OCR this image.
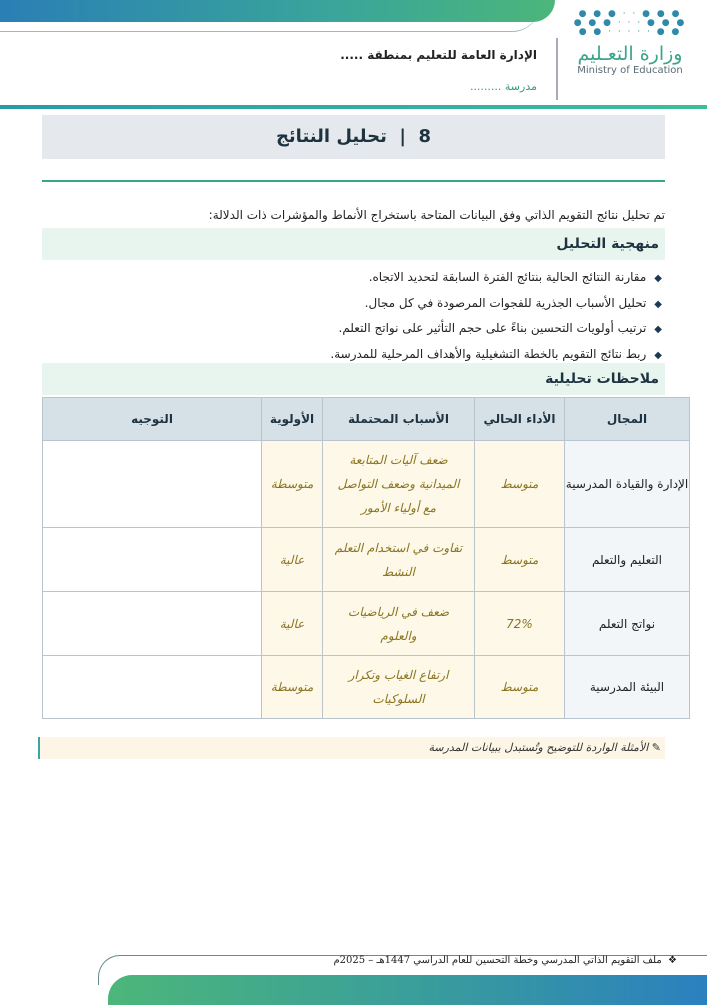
● ● ● · · ● ● ●
● ● ● · · · ● ● ●
● ● · · · · · ● ●
وزارة التعـليم
Ministry of Education
الإدارة العامة للتعليم بمنطقة .....
مدرسة .........
8  |  تحليل النتائج
تم تحليل نتائج التقويم الذاتي وفق البيانات المتاحة باستخراج الأنماط والمؤشرات ذات الدلالة:
منهجية التحليل
◆مقارنة النتائج الحالية بنتائج الفترة السابقة لتحديد الاتجاه.
◆تحليل الأسباب الجذرية للفجوات المرصودة في كل مجال.
◆ترتيب أولويات التحسين بناءً على حجم التأثير على نواتج التعلم.
◆ربط نتائج التقويم بالخطة التشغيلية والأهداف المرحلية للمدرسة.
ملاحظات تحليلية
المجال	الأداء الحالي	الأسباب المحتملة	الأولوية	التوجيه
الإدارة والقيادة المدرسية	متوسط	ضعف آليات المتابعة الميدانية وضعف التواصل مع أولياء الأمور	متوسطة	
التعليم والتعلم	متوسط	تفاوت في استخدام التعلم النشط	عالية	
نواتج التعلم	72%	ضعف في الرياضيات والعلوم	عالية	
البيئة المدرسية	متوسط	ارتفاع الغياب وتكرار السلوكيات	متوسطة	
✎ الأمثلة الواردة للتوضيح وتُستبدل ببيانات المدرسة
❖  ملف التقويم الذاتي المدرسي وخطة التحسين للعام الدراسي 1447هـ – 2025م
